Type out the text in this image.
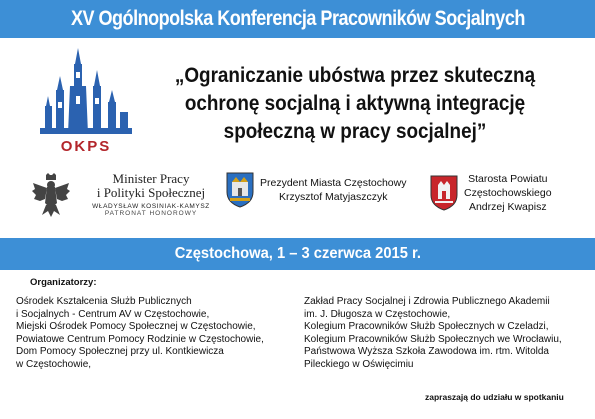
XV Ogólnopolska Konferencja Pracowników Socjalnych
OKPS
„Ograniczanie ubóstwa przez skuteczną
ochronę socjalną i aktywną integrację
społeczną w pracy socjalnej”
Minister Pracy
i Polityki Społecznej
WŁADYSŁAW KOSINIAK-KAMYSZ
PATRONAT HONOROWY
Prezydent Miasta Częstochowy
Krzysztof Matyjaszczyk
Starosta Powiatu
Częstochowskiego
Andrzej Kwapisz
Częstochowa, 1 – 3 czerwca 2015 r.
Organizatorzy:
Ośrodek Kształcenia Służb Publicznych
i Socjalnych - Centrum AV w Częstochowie,
Miejski Ośrodek Pomocy Społecznej w Częstochowie,
Powiatowe Centrum Pomocy Rodzinie w Częstochowie,
Dom Pomocy Społecznej przy ul. Kontkiewicza
w Częstochowie,
Zakład Pracy Socjalnej i Zdrowia Publicznego Akademii
im. J. Długosza w Częstochowie,
Kolegium Pracowników Służb Społecznych w Czeladzi,
Kolegium Pracowników Służb Społecznych we Wrocławiu,
Państwowa Wyższa Szkoła Zawodowa im. rtm. Witolda
Pileckiego w Oświęcimiu
zapraszają do udziału w spotkaniu
